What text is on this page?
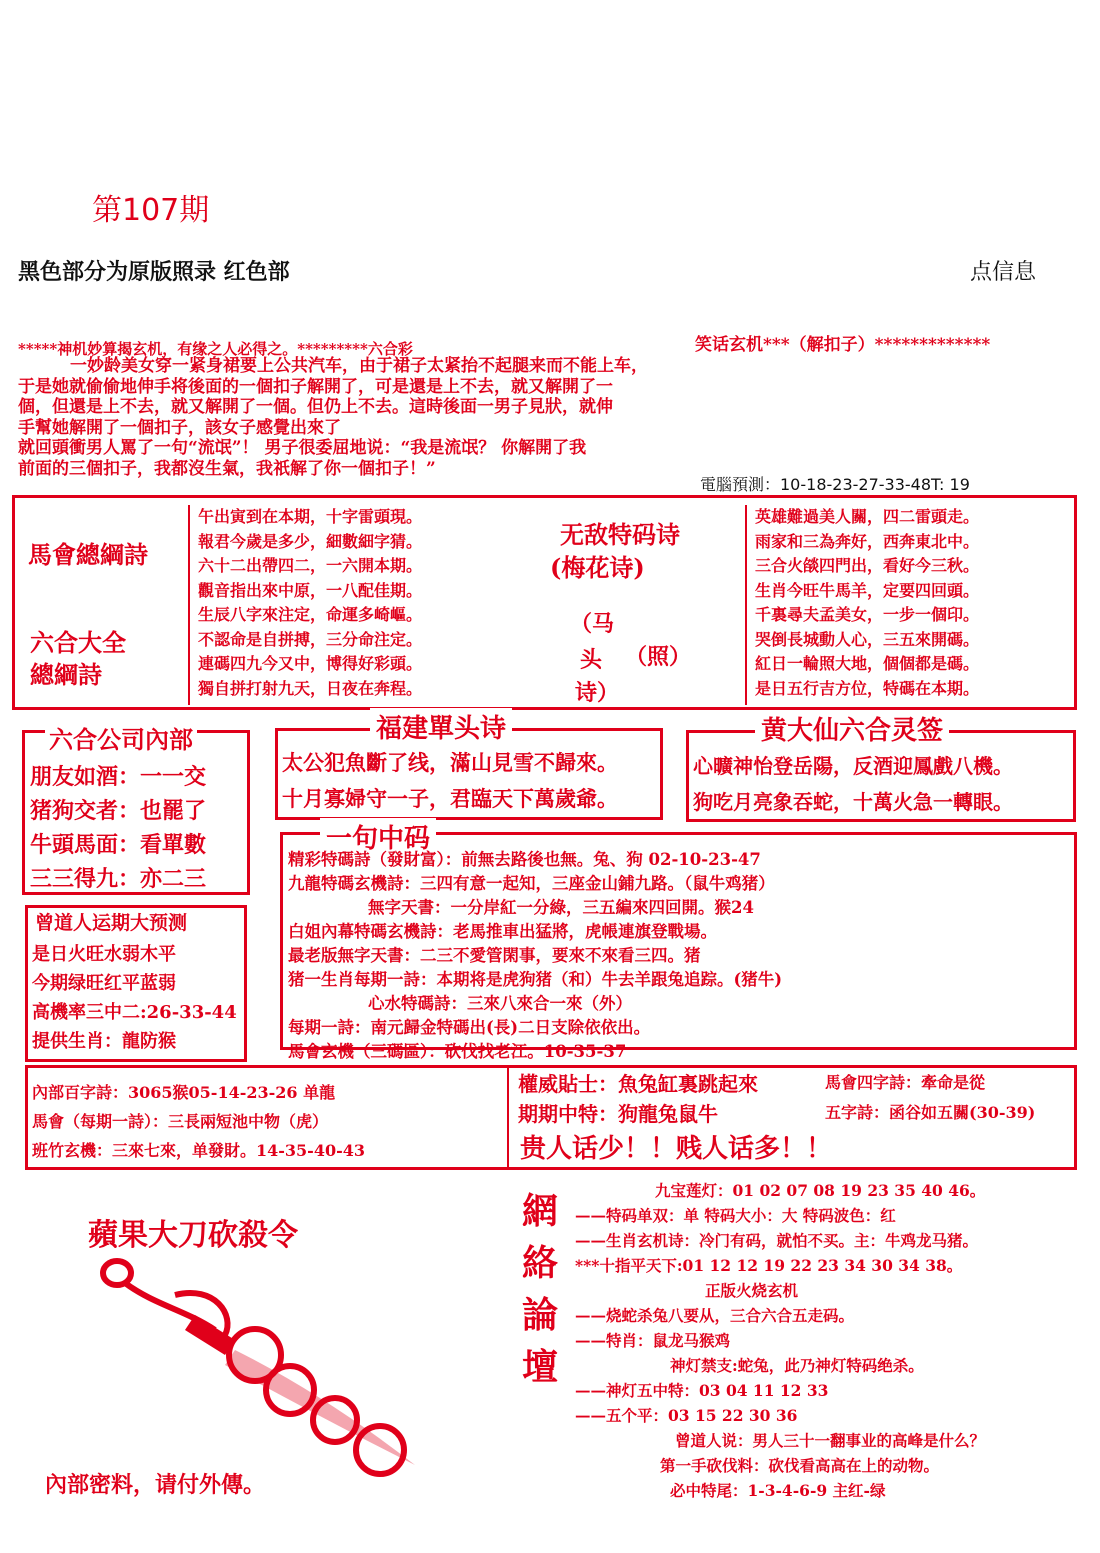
第107期
黑色部分为原版照录 红色部	点信息
*****神机妙算揭玄机，有缘之人必得之。*********六合彩	笑话玄机***（解扣子）*************
一妙龄美女穿一紧身裙要上公共汽车，由于裙子太紧抬不起腿来而不能上车，
于是她就偷偷地伸手将後面的一個扣子解開了，可是還是上不去，就又解開了一
個，但還是上不去，就又解開了一個。但仍上不去。這時後面一男子見狀，就伸
手幫她解開了一個扣子，該女子感覺出來了
就回頭衝男人罵了一句“流氓”！ 男子很委屈地说：“我是流氓？ 你解開了我
前面的三個扣子，我都沒生氣，我祇解了你一個扣子！”
電腦預測：10-18-23-27-33-48T: 19
馬會總綱詩
六合大全
總綱詩
午出寅到在本期，十字雷頭現。
報君今歲是多少，細數細字猜。
六十二出帶四二，一六開本期。
觀音指出來中原，一八配佳期。
生辰八字來注定，命運多崎嶇。
不認命是自拼搏，三分命注定。
連碼四九今又中，博得好彩頭。
獨自拼打射九天，日夜在奔程。
无敌特码诗
(梅花诗)
（马
头
诗）
（照）
英雄難過美人關，四二雷頭走。
雨家和三為奔好，西奔東北中。
三合火燄四門出，看好今三秋。
生肖今旺牛馬羊，定要四回頭。
千裏尋夫孟美女，一步一個印。
哭倒長城動人心，三五來開碼。
紅日一輪照大地，個個都是碼。
是日五行吉方位，特碼在本期。
六合公司內部
朋友如酒：一一交
猪狗交者：也罷了
牛頭馬面：看單數
三三得九：亦二三
福建單头诗
太公犯魚斷了线，滿山見雪不歸來。
十月寡婦守一子，君臨天下萬歲爺。
黄大仙六合灵签
心曠神怡登岳陽，反酒迎鳳戲八機。
狗吃月亮象吞蛇，十萬火急一轉眼。
曾道人运期大预测
是日火旺水弱木平
今期绿旺红平蓝弱
高機率三中二:26-33-44
提供生肖：龍防猴
一句中码
精彩特碼詩（發財富）：前無去路後也無。兔、狗 02-10-23-47
九龍特碼玄機詩：三四有意一起知，三座金山鋪九路。（鼠牛鸡猪）
無字天書：一分岸紅一分綠，三五編來四回開。猴24
白姐內幕特碼玄機詩：老馬推車出猛將，虎帳連旗登戰場。
最老版無字天書：二三不愛管閑事，要來不來看三四。猪
猪一生肖每期一詩：本期将是虎狗猪（和）牛去羊跟兔追踪。(猪牛)
心水特碼詩：三來八來合一來（外）
每期一詩：南元歸金特碼出(長)二日支除依依出。
馬會玄機（三碼區）：砍伐找老江。10-35-37
內部百字詩：3065猴05-14-23-26 单龍
馬會（每期一詩）：三長兩短池中物（虎）
班竹玄機：三來七來，单發財。14-35-40-43
權威貼士：魚兔缸裏跳起來
期期中特：狗龍兔鼠牛
馬會四字詩：牽命是從
五字詩：函谷如五關(30-39)
贵人话少！！贱人话多！！
蘋果大刀砍殺令
內部密料，请付外傳。
網
絡
論
壇
九宝莲灯：01 02 07 08 19 23 35 40 46。
——特码单双：单 特码大小：大 特码波色：红
——生肖玄机诗：冷门有码，就怕不买。主：牛鸡龙马猪。
***十指平天下:01 12 12 19 22 23 34 30 34 38。
正版火烧玄机
——烧蛇杀兔八要从，三合六合五走码。
——特肖：鼠龙马猴鸡
神灯禁支:蛇兔，此乃神灯特码绝杀。
——神灯五中特：03 04 11 12 33
——五个平：03 15 22 30 36
曾道人说：男人三十一翻事业的高峰是什么？
第一手砍伐料：砍伐看高高在上的动物。
必中特尾：1-3-4-6-9 主红-绿
